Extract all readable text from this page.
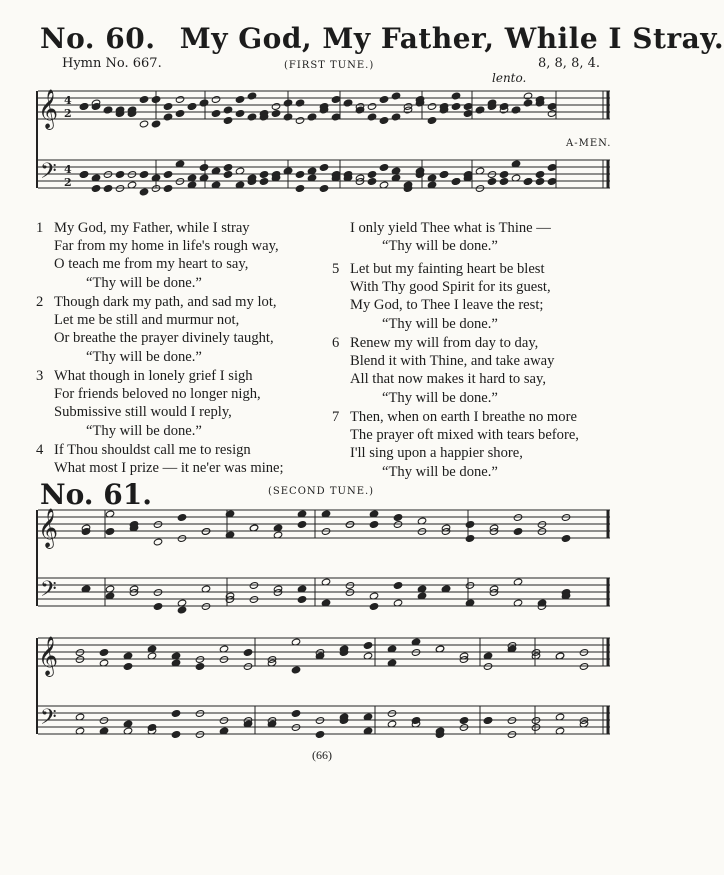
No. 60. My God, My Father, While I Stray.
Hymn No. 667.	(FIRST TUNE.)	8, 8, 8, 4.
lento.
A-MEN.
𝄞
𝄢
4
2
4
2
𝄞
𝄢
𝄞
𝄢
1 My God, my Father, while I stray
Far from my home in life's rough way,
O teach me from my heart to say,
“Thy will be done.”
2 Though dark my path, and sad my lot,
Let me be still and murmur not,
Or breathe the prayer divinely taught,
“Thy will be done.”
3 What though in lonely grief I sigh
For friends beloved no longer nigh,
Submissive still would I reply,
“Thy will be done.”
4 If Thou shouldst call me to resign
What most I prize — it ne'er was mine;
I only yield Thee what is Thine —
“Thy will be done.”
5 Let but my fainting heart be blest
With Thy good Spirit for its guest,
My God, to Thee I leave the rest;
“Thy will be done.”
6 Renew my will from day to day,
Blend it with Thine, and take away
All that now makes it hard to say,
“Thy will be done.”
7 Then, when on earth I breathe no more
The prayer oft mixed with tears before,
I'll sing upon a happier shore,
“Thy will be done.”
No. 61.	(SECOND TUNE.)
(66)
